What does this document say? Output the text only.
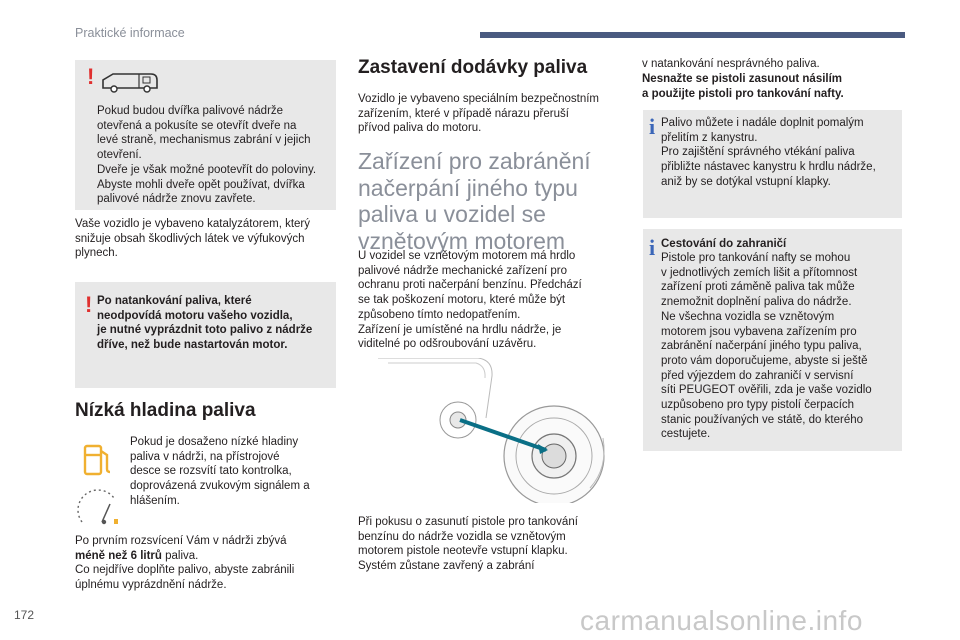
Praktické informace
!
Pokud budou dvířka palivové nádrže
otevřená a pokusíte se otevřít dveře na
levé straně, mechanismus zabrání v jejich
otevření.
Dveře je však možné pootevřít do poloviny.
Abyste mohli dveře opět používat, dvířka
palivové nádrže znovu zavřete.
Vaše vozidlo je vybaveno katalyzátorem, který
snižuje obsah škodlivých látek ve výfukových
plynech.
! Po natankování paliva, které
neodpovídá motoru vašeho vozidla,
je nutné vyprázdnit toto palivo z nádrže
dříve, než bude nastartován motor.
Nízká hladina paliva
Pokud je dosaženo nízké hladiny
paliva v nádrži, na přístrojové
desce se rozsvítí tato kontrolka,
doprovázená zvukovým signálem a
hlášením.
Po prvním rozsvícení Vám v nádrži zbývá
méně než 6 litrů paliva.
Co nejdříve doplňte palivo, abyste zabránili
úplnému vyprázdnění nádrže.
Zastavení dodávky paliva
Vozidlo je vybaveno speciálním bezpečnostním
zařízením, které v případě nárazu přeruší
přívod paliva do motoru.
Zařízení pro zabránění
načerpání jiného typu
paliva u vozidel se
vznětovým motorem
U vozidel se vznětovým motorem má hrdlo
palivové nádrže mechanické zařízení pro
ochranu proti načerpání benzínu. Předchází
se tak poškození motoru, které může být
způsobeno tímto nedopatřením.
Zařízení je umístěné na hrdlu nádrže, je
viditelné po odšroubování uzávěru.
Při pokusu o zasunutí pistole pro tankování
benzínu do nádrže vozidla se vznětovým
motorem pistole neotevře vstupní klapku.
Systém zůstane zavřený a zabrání
v natankování nesprávného paliva.
Nesnažte se pistoli zasunout násilím
a použijte pistoli pro tankování nafty.
i Palivo můžete i nadále doplnit pomalým
přelitím z kanystru.
Pro zajištění správného vtékání paliva
přibližte nástavec kanystru k hrdlu nádrže,
aniž by se dotýkal vstupní klapky.
i Cestování do zahraničí
Pistole pro tankování nafty se mohou
v jednotlivých zemích lišit a přítomnost
zařízení proti záměně paliva tak může
znemožnit doplnění paliva do nádrže.
Ne všechna vozidla se vznětovým
motorem jsou vybavena zařízením pro
zabránění načerpání jiného typu paliva,
proto vám doporučujeme, abyste si ještě
před výjezdem do zahraničí v servisní
síti PEUGEOT ověřili, zda je vaše vozidlo
uzpůsobeno pro typy pistolí čerpacích
stanic používaných ve státě, do kterého
cestujete.
172	carmanualsonline.info
